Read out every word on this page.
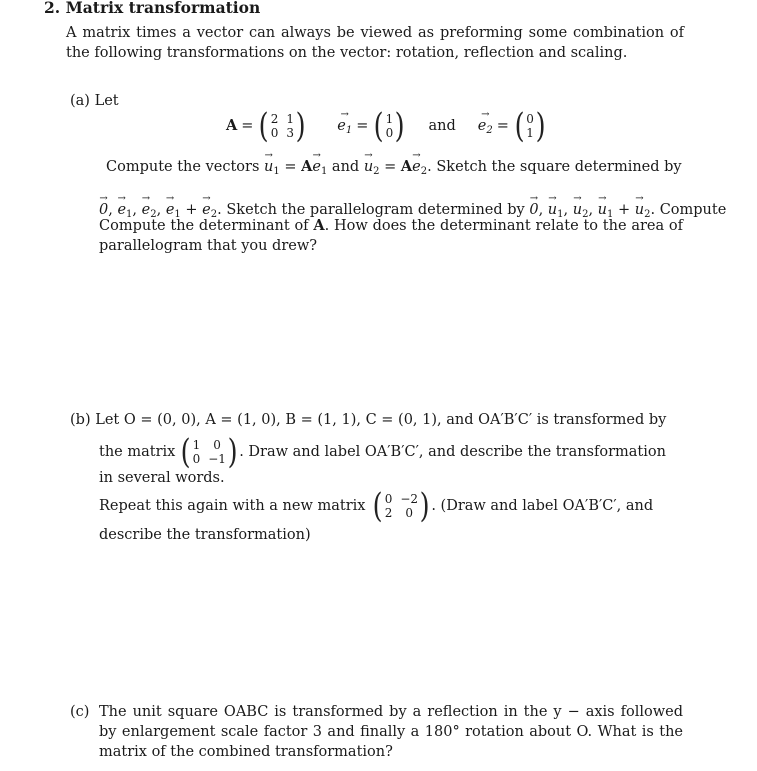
2. Matrix transformation
A matrix times a vector can always be viewed as preforming some combination of the following transformations on the vector: rotation, reflection and scaling.
(a) Let
A = ( 2 1
0 3 ) → $e_1$ = ( 1
0 ) and → $e_2$ = ( 0
1 )
Compute the vectors → $u_1 = A\to e_1$ and → $u_2 = A\to e_2$. Sketch the square determined by
→ 0, → $e_1$, → $e_2$, → $e_1$ + → $e_2$. Sketch the parallelogram determined by → 0, → $u_1$, → $u_2$, → $u_1$ + → $u_2$. Compute
Compute the determinant of A. How does the determinant relate to the area of parallelogram that you drew?
(b) Let O = (0, 0), A = (1, 0), B = (1, 1), C = (0, 1), and OA′B′C′ is transformed by
the matrix ( 1	0
0 −1 ) . Draw and label OA′B′C′, and describe the transformation
in several words.
Repeat this again with a new matrix ( 0 −2
2	0 ) . (Draw and label OA′B′C′, and
describe the transformation)
(c) The unit square OABC is transformed by a reflection in the y − axis followed by enlargement scale factor 3 and finally a 180° rotation about O. What is the matrix of the combined transformation?
